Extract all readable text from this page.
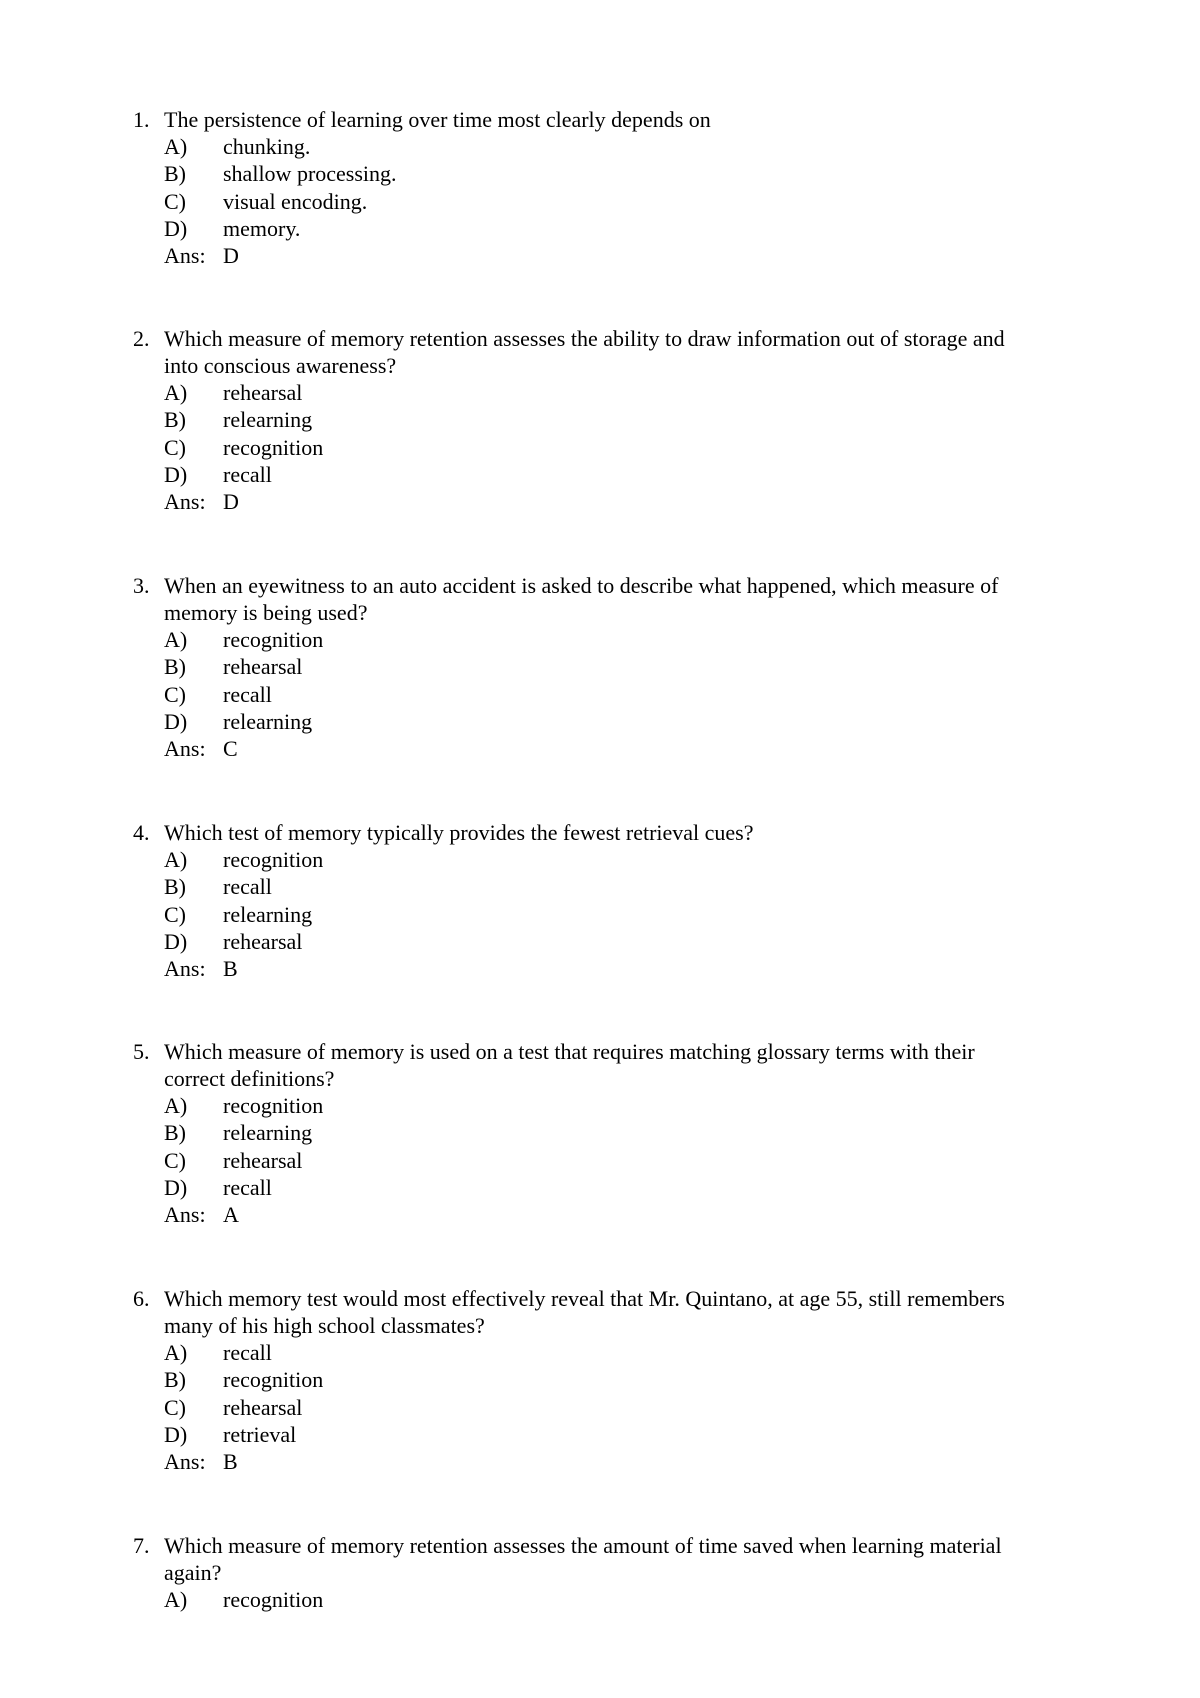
1. The persistence of learning over time most clearly depends on
A)	chunking.
B)	shallow processing.
C)	visual encoding.
D)	memory.
Ans: D
2. Which measure of memory retention assesses the ability to draw information out of storage and into conscious awareness?
A)	rehearsal
B)	relearning
C)	recognition
D)	recall
Ans: D
3. When an eyewitness to an auto accident is asked to describe what happened, which measure of memory is being used?
A)	recognition
B)	rehearsal
C)	recall
D)	relearning
Ans: C
4. Which test of memory typically provides the fewest retrieval cues?
A)	recognition
B)	recall
C)	relearning
D)	rehearsal
Ans: B
5. Which measure of memory is used on a test that requires matching glossary terms with their correct definitions?
A)	recognition
B)	relearning
C)	rehearsal
D)	recall
Ans: A
6. Which memory test would most effectively reveal that Mr. Quintano, at age 55, still remembers many of his high school classmates?
A)	recall
B)	recognition
C)	rehearsal
D)	retrieval
Ans: B
7. Which measure of memory retention assesses the amount of time saved when learning material again?
A)	recognition
